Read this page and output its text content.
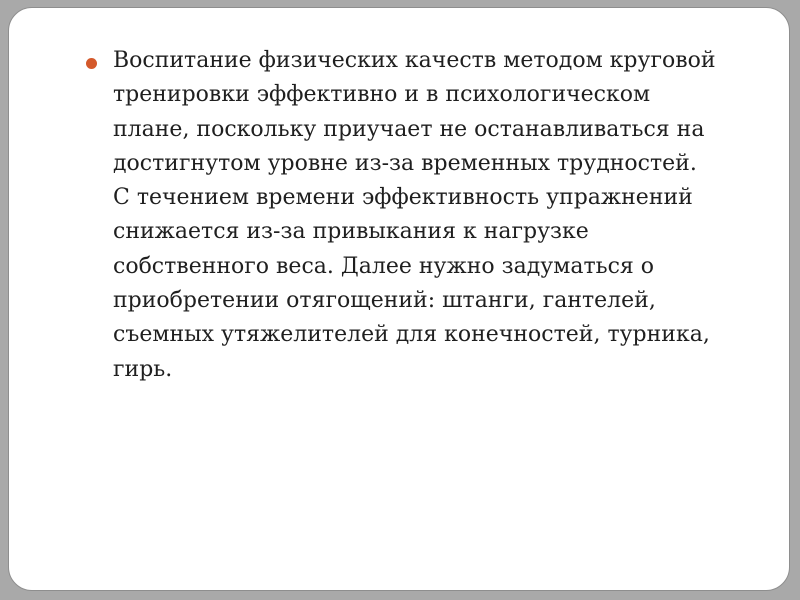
Воспитание физических качеств методом круговой
тренировки эффективно и в психологическом
плане, поскольку приучает не останавливаться на
достигнутом уровне из-за временных трудностей.
С течением времени эффективность упражнений
снижается из-за привыкания к нагрузке
собственного веса. Далее нужно задуматься о
приобретении отягощений: штанги, гантелей,
съемных утяжелителей для конечностей, турника,
гирь.
